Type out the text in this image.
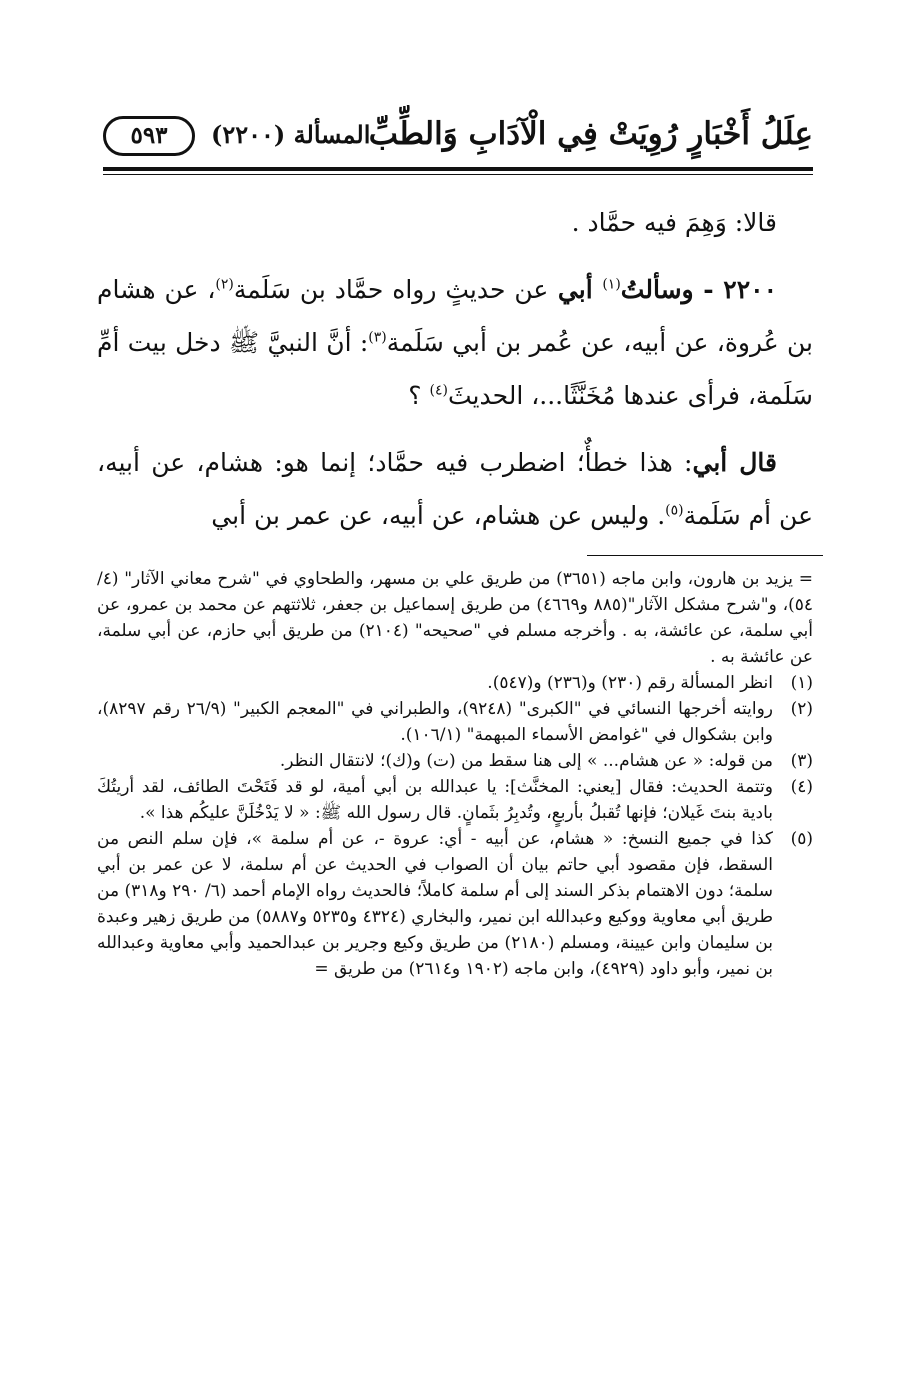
عِلَلُ أَخْبَارٍ رُوِيَتْ فِي الْآدَابِ وَالطِّبِّ
المسألة (٢٢٠٠)
٥٩٣

قالا: وَهِمَ فيه حمَّاد .

٢٢٠٠ - وسألتُ$^{(١)}$ أبي عن حديثٍ رواه حمَّاد بن سَلَمة$^{(٢)}$، عن هشام بن عُروة، عن أبيه، عن عُمر بن أبي سَلَمة$^{(٣)}$: أنَّ النبيَّ ﷺ دخل بيت أمِّ سَلَمة، فرأى عندها مُخَنَّثًا...، الحديثَ$^{(٤)}$ ؟

قال أبي: هذا خطأٌ؛ اضطرب فيه حمَّاد؛ إنما هو: هشام، عن أبيه، عن أم سَلَمة$^{(٥)}$. وليس عن هشام، عن أبيه، عن عمر بن أبي

= يزيد بن هارون، وابن ماجه (٣٦٥١) من طريق علي بن مسهر، والطحاوي في "شرح معاني الآثار" (٤/ ٥٤)، و"شرح مشكل الآثار"(٨٨٥ و٤٦٦٩) من طريق إسماعيل بن جعفر، ثلاثتهم عن محمد بن عمرو، عن أبي سلمة، عن عائشة، به . وأخرجه مسلم في "صحيحه" (٢١٠٤) من طريق أبي حازم، عن أبي سلمة، عن عائشة به .

(١)
انظر المسألة رقم (٢٣٠) و(٢٣٦) و(٥٤٧).
(٢)
روايته أخرجها النسائي في "الكبرى" (٩٢٤٨)، والطبراني في "المعجم الكبير" (٢٦/٩ رقم ٨٢٩٧)، وابن بشكوال في "غوامض الأسماء المبهمة" (١٠٦/١).
(٣)
من قوله: « عن هشام... » إلى هنا سقط من (ت) و(ك)؛ لانتقال النظر.
(٤)
وتتمة الحديث: فقال [يعني: المخنَّث]: يا عبدالله بن أبي أمية، لو قد فَتَحْتَ الطائف، لقد أريتُكَ بادية بنتَ غَيلان؛ فإنها تُقبلُ بأربعٍ، وتُدبِرُ بثَمانٍ. قال رسول الله ﷺ: « لا يَدْخُلَنَّ عليكُم هذا ».
(٥)
كذا في جميع النسخ: « هشام، عن أبيه - أي: عروة -، عن أم سلمة »، فإن سلم النص من السقط، فإن مقصود أبي حاتم بيان أن الصواب في الحديث عن أم سلمة، لا عن عمر بن أبي سلمة؛ دون الاهتمام بذكر السند إلى أم سلمة كاملاً؛ فالحديث رواه الإمام أحمد (٦/ ٢٩٠ و٣١٨) من طريق أبي معاوية ووكيع وعبدالله ابن نمير، والبخاري (٤٣٢٤ و٥٢٣٥ و٥٨٨٧) من طريق زهير وعبدة بن سليمان وابن عيينة، ومسلم (٢١٨٠) من طريق وكيع وجرير بن عبدالحميد وأبي معاوية وعبدالله بن نمير، وأبو داود (٤٩٢٩)، وابن ماجه (١٩٠٢ و٢٦١٤) من طريق =
